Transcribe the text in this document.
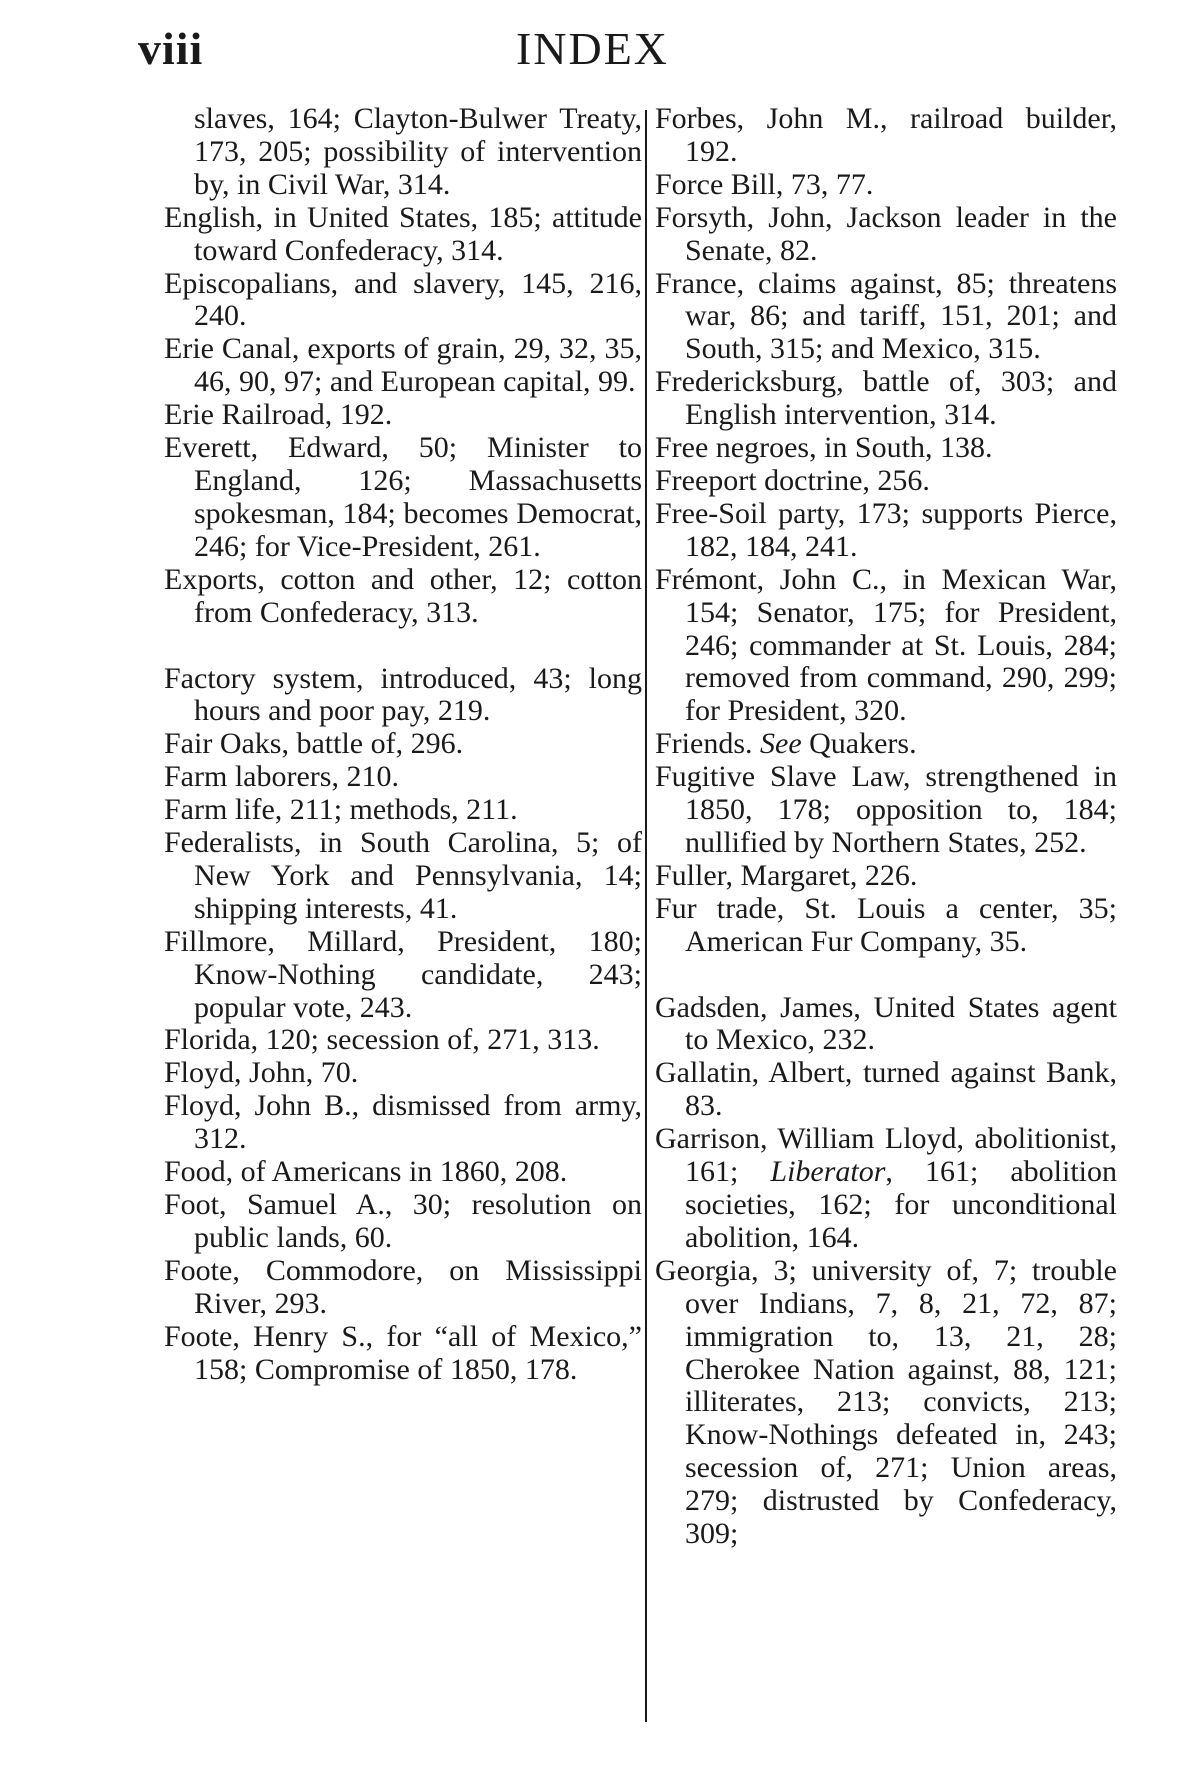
viii	INDEX

slaves, 164; Clayton-Bulwer Treaty, 173, 205; possibility of intervention by, in Civil War, 314.

English, in United States, 185; attitude toward Confederacy, 314.

Episcopalians, and slavery, 145, 216, 240.

Erie Canal, exports of grain, 29, 32, 35, 46, 90, 97; and European capital, 99.

Erie Railroad, 192.

Everett, Edward, 50; Minister to England, 126; Massachusetts spokesman, 184; becomes Democrat, 246; for Vice-President, 261.

Exports, cotton and other, 12; cotton from Confederacy, 313.

Factory system, introduced, 43; long hours and poor pay, 219.

Fair Oaks, battle of, 296.

Farm laborers, 210.

Farm life, 211; methods, 211.

Federalists, in South Carolina, 5; of New York and Pennsylvania, 14; shipping interests, 41.

Fillmore, Millard, President, 180; Know-Nothing candidate, 243; popular vote, 243.

Florida, 120; secession of, 271, 313.

Floyd, John, 70.

Floyd, John B., dismissed from army, 312.

Food, of Americans in 1860, 208.

Foot, Samuel A., 30; resolution on public lands, 60.

Foote, Commodore, on Mississippi River, 293.

Foote, Henry S., for “all of Mexico,” 158; Compromise of 1850, 178.

Forbes, John M., railroad builder, 192.

Force Bill, 73, 77.

Forsyth, John, Jackson leader in the Senate, 82.

France, claims against, 85; threatens war, 86; and tariff, 151, 201; and South, 315; and Mexico, 315.

Fredericksburg, battle of, 303; and English intervention, 314.

Free negroes, in South, 138.

Freeport doctrine, 256.

Free-Soil party, 173; supports Pierce, 182, 184, 241.

Frémont, John C., in Mexican War, 154; Senator, 175; for President, 246; commander at St. Louis, 284; removed from command, 290, 299; for President, 320.

Friends. See Quakers.

Fugitive Slave Law, strengthened in 1850, 178; opposition to, 184; nullified by Northern States, 252.

Fuller, Margaret, 226.

Fur trade, St. Louis a center, 35; American Fur Company, 35.

Gadsden, James, United States agent to Mexico, 232.

Gallatin, Albert, turned against Bank, 83.

Garrison, William Lloyd, abolitionist, 161; Liberator, 161; abolition societies, 162; for unconditional abolition, 164.

Georgia, 3; university of, 7; trouble over Indians, 7, 8, 21, 72, 87; immigration to, 13, 21, 28; Cherokee Nation against, 88, 121; illiterates, 213; convicts, 213; Know-Nothings defeated in, 243; secession of, 271; Union areas, 279; distrusted by Confederacy, 309;
